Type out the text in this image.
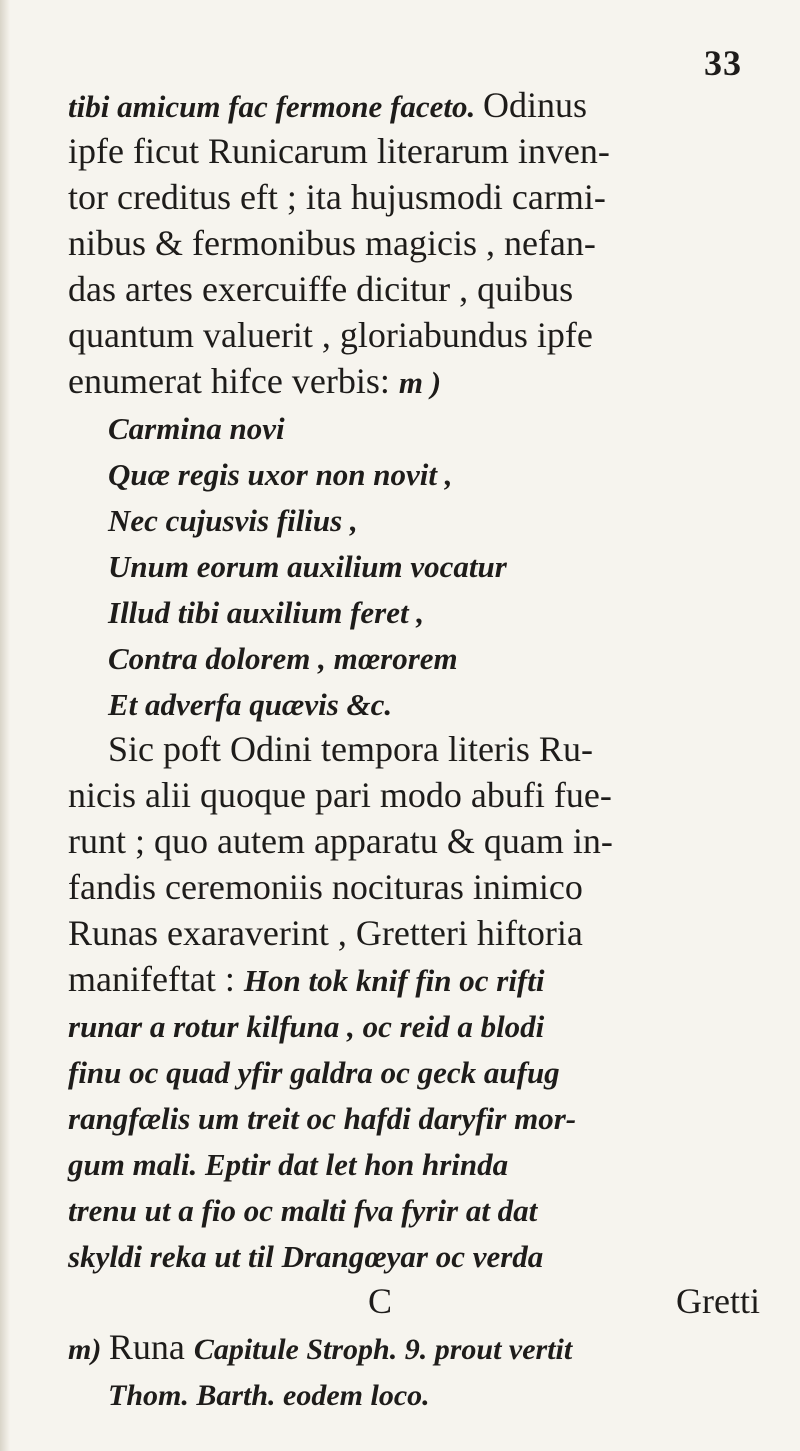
33
tibi amicum fac fermone faceto. Odinus
ipfe ficut Runicarum literarum inven-
tor creditus eft ; ita hujusmodi carmi-
nibus & fermonibus magicis , nefan-
das artes exercuiffe dicitur , quibus
quantum valuerit , gloriabundus ipfe
enumerat hifce verbis: m )
Carmina novi
Quæ regis uxor non novit ,
Nec cujusvis filius ,
Unum eorum auxilium vocatur
Illud tibi auxilium feret ,
Contra dolorem , mœrorem
Et adverfa quævis &c.
Sic poft Odini tempora literis Ru-
nicis alii quoque pari modo abufi fue-
runt ; quo autem apparatu & quam in-
fandis ceremoniis nocituras inimico
Runas exaraverint , Gretteri hiftoria
manifeftat : Hon tok knif fin oc rifti
runar a rotur kilfuna , oc reid a blodi
finu oc quad yfir galdra oc geck aufug
rangfælis um treit oc hafdi daryfir mor-
gum mali. Eptir dat let hon hrinda
trenu ut a fio oc malti fva fyrir at dat
skyldi reka ut til Drangœyar oc verda
C	Gretti
m) Runa Capitule Stroph. 9. prout vertit
Thom. Barth. eodem loco.
